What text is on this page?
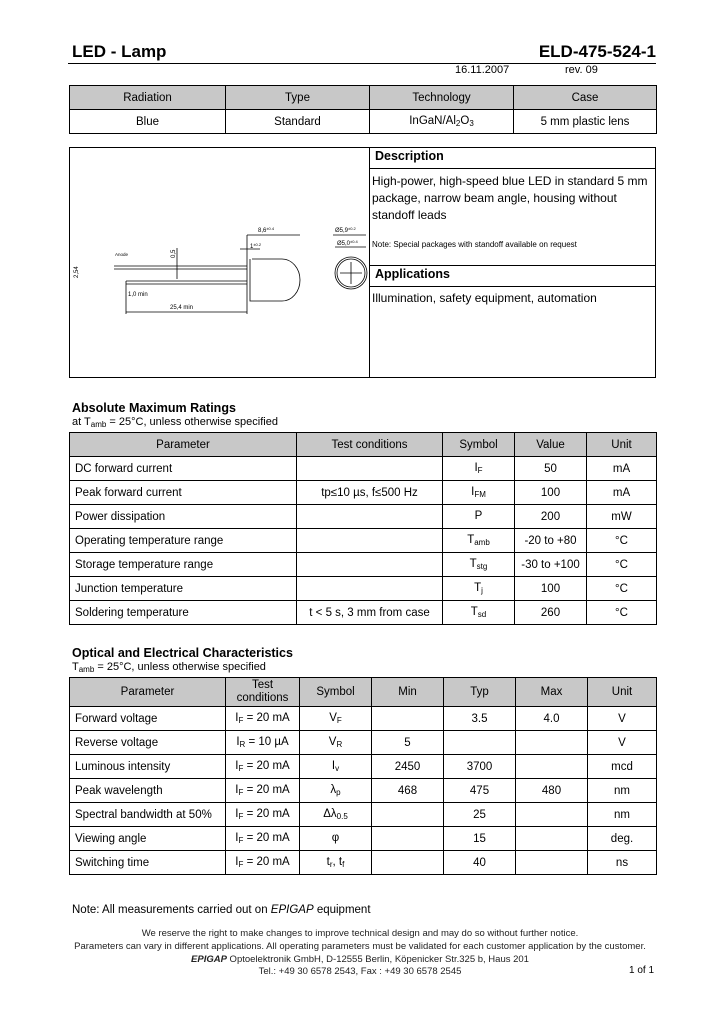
LED - Lamp	ELD-475-524-1
16.11.2007	rev. 09
Radiation	Type	Technology	Case
Blue	Standard	InGaN/$Al_2O_3$	5 mm plastic lens
$8,6^{\pm 0.4}$
$1^{\pm 0.2}$
$Ø5,9^{\pm 0.2}$
$Ø5,0^{\pm 0.4}$
Anode
2,54
0,5
1,0 min
25,4 min
Description
High-power, high-speed blue LED in standard 5 mm package, narrow beam angle, housing without standoff leads
Note: Special packages with standoff available on request
Applications
Illumination, safety equipment, automation
Absolute Maximum Ratings
at $T_{amb} = 25^\circ C$, unless otherwise specified
Parameter	Test conditions	Symbol	Value	Unit
DC forward current		$I_F$	50	mA
Peak forward current	tp≤10 µs, f≤500 Hz	$I_{FM}$	100	mA
Power dissipation		P	200	mW
Operating temperature range		$T_{amb}$	-20 to +80	°C
Storage temperature range		$T_{stg}$	-30 to +100	°C
Junction temperature		$T_j$	100	°C
Soldering temperature	t < 5 s, 3 mm from case	$T_{sd}$	260	°C
Optical and Electrical Characteristics
$T_{amb} = 25^\circ C$, unless otherwise specified
Parameter	Test conditions	Symbol	Min	Typ	Max	Unit
Forward voltage	$I_F = 20$ mA	$V_F$		3.5	4.0	V
Reverse voltage	$I_R = 10$ µA	$V_R$	5			V
Luminous intensity	$I_F = 20$ mA	$I_v$	2450	3700		mcd
Peak wavelength	$I_F = 20$ mA	$\lambda_p$	468	475	480	nm
Spectral bandwidth at 50%	$I_F = 20$ mA	$\Delta\lambda_{0.5}$		25		nm
Viewing angle	$I_F = 20$ mA	φ		15		deg.
Switching time	$I_F = 20$ mA	$t_r$, $t_f$		40		ns
Note: All measurements carried out on EPIGAP equipment
We reserve the right to make changes to improve technical design and may do so without further notice.
Parameters can vary in different applications. All operating parameters must be validated for each customer application by the customer.
EPIGAP Optoelektronik GmbH, D-12555 Berlin, Köpenicker Str.325 b, Haus 201
Tel.: +49 30 6578 2543, Fax : +49 30 6578 2545	1 of 1
